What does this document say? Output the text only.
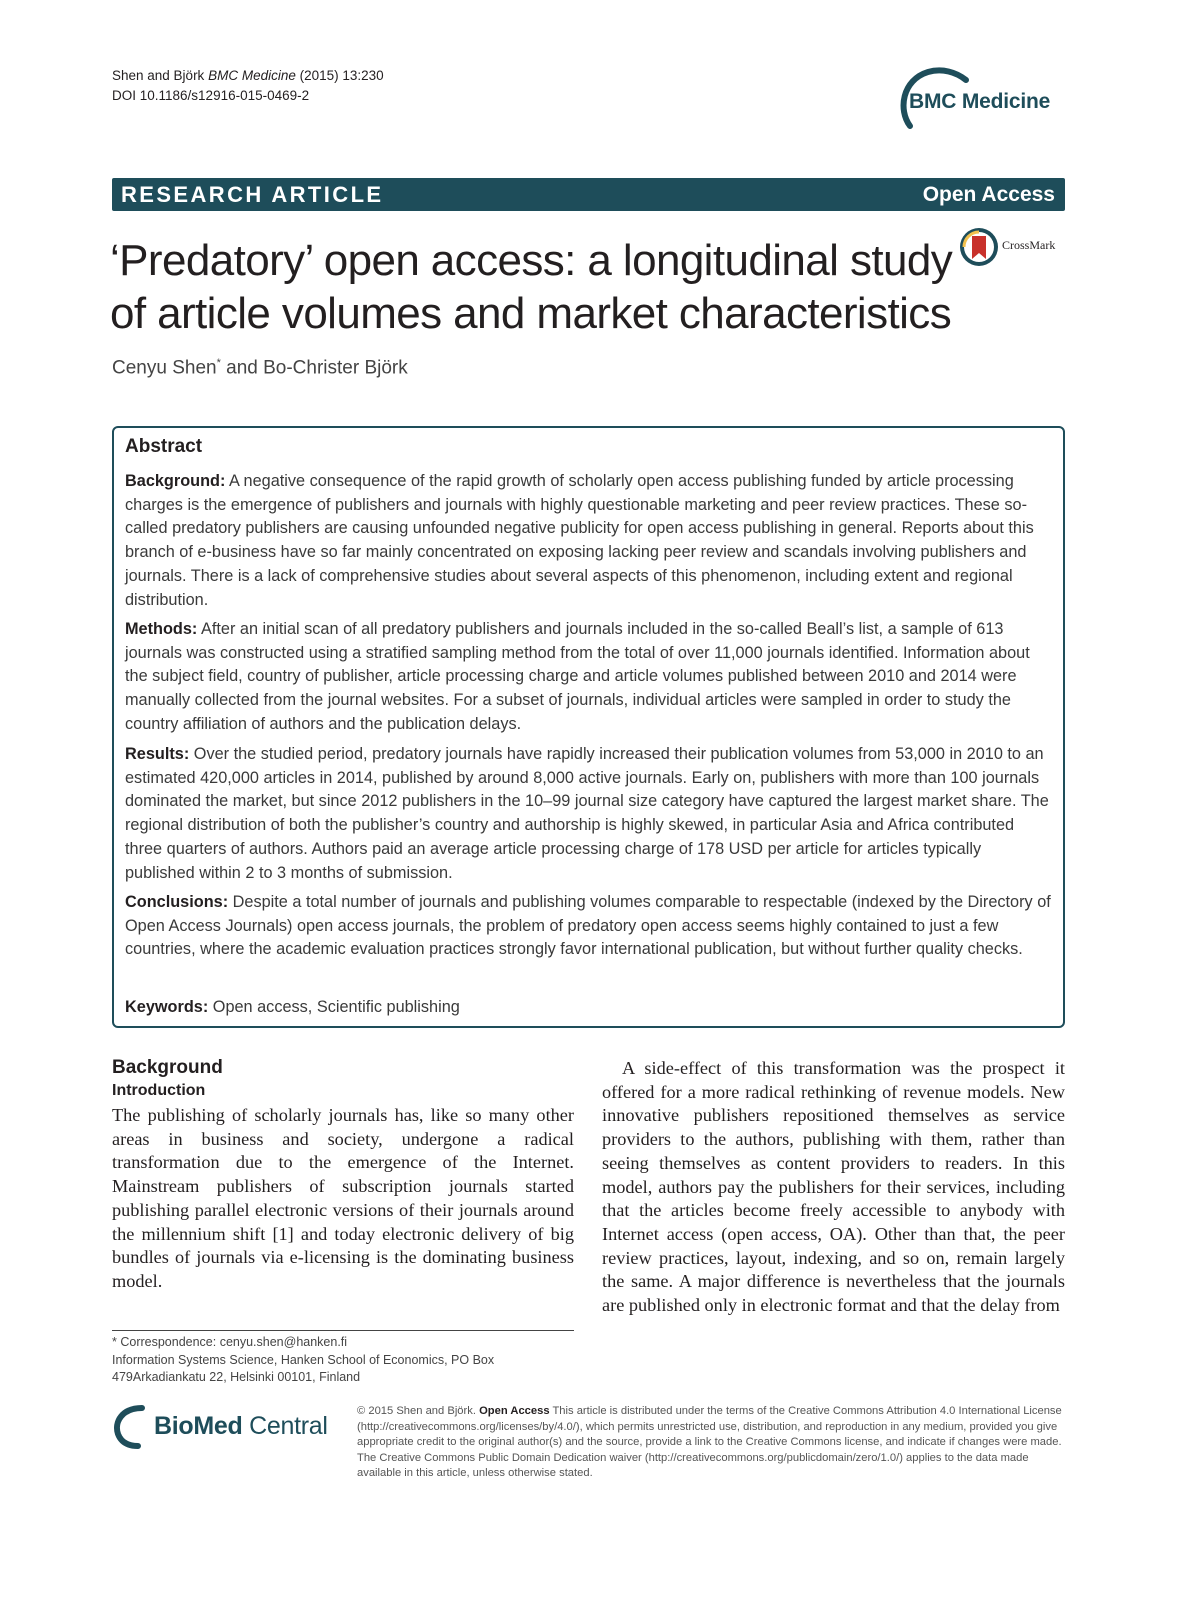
Shen and Björk BMC Medicine (2015) 13:230
DOI 10.1186/s12916-015-0469-2	BMC Medicine
RESEARCH ARTICLE	Open Access
‘Predatory’ open access: a longitudinal study
of article volumes and market characteristics
CrossMark
Cenyu Shen* and Bo-Christer Björk
Abstract
Background: A negative consequence of the rapid growth of scholarly open access publishing funded by article processing charges is the emergence of publishers and journals with highly questionable marketing and peer review practices. These so-called predatory publishers are causing unfounded negative publicity for open access publishing in general. Reports about this branch of e-business have so far mainly concentrated on exposing lacking peer review and scandals involving publishers and journals. There is a lack of comprehensive studies about several aspects of this phenomenon, including extent and regional distribution.
Methods: After an initial scan of all predatory publishers and journals included in the so-called Beall’s list, a sample of 613 journals was constructed using a stratified sampling method from the total of over 11,000 journals identified. Information about the subject field, country of publisher, article processing charge and article volumes published between 2010 and 2014 were manually collected from the journal websites. For a subset of journals, individual articles were sampled in order to study the country affiliation of authors and the publication delays.
Results: Over the studied period, predatory journals have rapidly increased their publication volumes from 53,000 in 2010 to an estimated 420,000 articles in 2014, published by around 8,000 active journals. Early on, publishers with more than 100 journals dominated the market, but since 2012 publishers in the 10–99 journal size category have captured the largest market share. The regional distribution of both the publisher’s country and authorship is highly skewed, in particular Asia and Africa contributed three quarters of authors. Authors paid an average article processing charge of 178 USD per article for articles typically published within 2 to 3 months of submission.
Conclusions: Despite a total number of journals and publishing volumes comparable to respectable (indexed by the Directory of Open Access Journals) open access journals, the problem of predatory open access seems highly contained to just a few countries, where the academic evaluation practices strongly favor international publication, but without further quality checks.
Keywords: Open access, Scientific publishing
Background
Introduction
The publishing of scholarly journals has, like so many other areas in business and society, undergone a radical transformation due to the emergence of the Internet. Mainstream publishers of subscription journals started publishing parallel electronic versions of their journals around the millennium shift [1] and today electronic delivery of big bundles of journals via e-licensing is the dominating business model.
A side-effect of this transformation was the prospect it offered for a more radical rethinking of revenue models. New innovative publishers repositioned themselves as service providers to the authors, publishing with them, rather than seeing themselves as content providers to readers. In this model, authors pay the publishers for their services, including that the articles become freely accessible to anybody with Internet access (open access, OA). Other than that, the peer review practices, layout, indexing, and so on, remain largely the same. A major difference is nevertheless that the journals are published only in electronic format and that the delay from
* Correspondence: cenyu.shen@hanken.fi
Information Systems Science, Hanken School of Economics, PO Box
479Arkadiankatu 22, Helsinki 00101, Finland
BioMed Central
© 2015 Shen and Björk. Open Access This article is distributed under the terms of the Creative Commons Attribution 4.0 International License (http://creativecommons.org/licenses/by/4.0/), which permits unrestricted use, distribution, and reproduction in any medium, provided you give appropriate credit to the original author(s) and the source, provide a link to the Creative Commons license, and indicate if changes were made. The Creative Commons Public Domain Dedication waiver (http://creativecommons.org/publicdomain/zero/1.0/) applies to the data made available in this article, unless otherwise stated.
